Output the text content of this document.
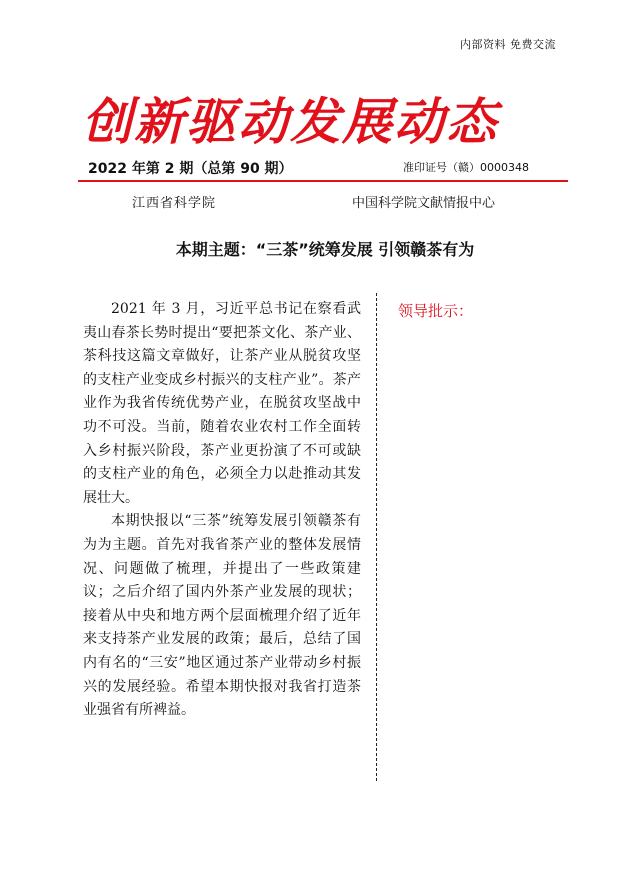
内部资料 免费交流
创新驱动发展动态
2022 年第 2 期（总第 90 期）	准印证号（赣）0000348
江西省科学院	中国科学院文献情报中心
本期主题：“三茶”统筹发展 引领赣茶有为

2021 年 3 月，习近平总书记在察看武夷山春茶长势时提出“要把茶文化、茶产业、茶科技这篇文章做好，让茶产业从脱贫攻坚的支柱产业变成乡村振兴的支柱产业”。茶产业作为我省传统优势产业，在脱贫攻坚战中功不可没。当前，随着农业农村工作全面转入乡村振兴阶段，茶产业更扮演了不可或缺的支柱产业的角色，必须全力以赴推动其发展壮大。

本期快报以“三茶”统筹发展引领赣茶有为为主题。首先对我省茶产业的整体发展情况、问题做了梳理，并提出了一些政策建议；之后介绍了国内外茶产业发展的现状；接着从中央和地方两个层面梳理介绍了近年来支持茶产业发展的政策；最后，总结了国内有名的“三安”地区通过茶产业带动乡村振兴的发展经验。希望本期快报对我省打造茶业强省有所裨益。

领导批示：
